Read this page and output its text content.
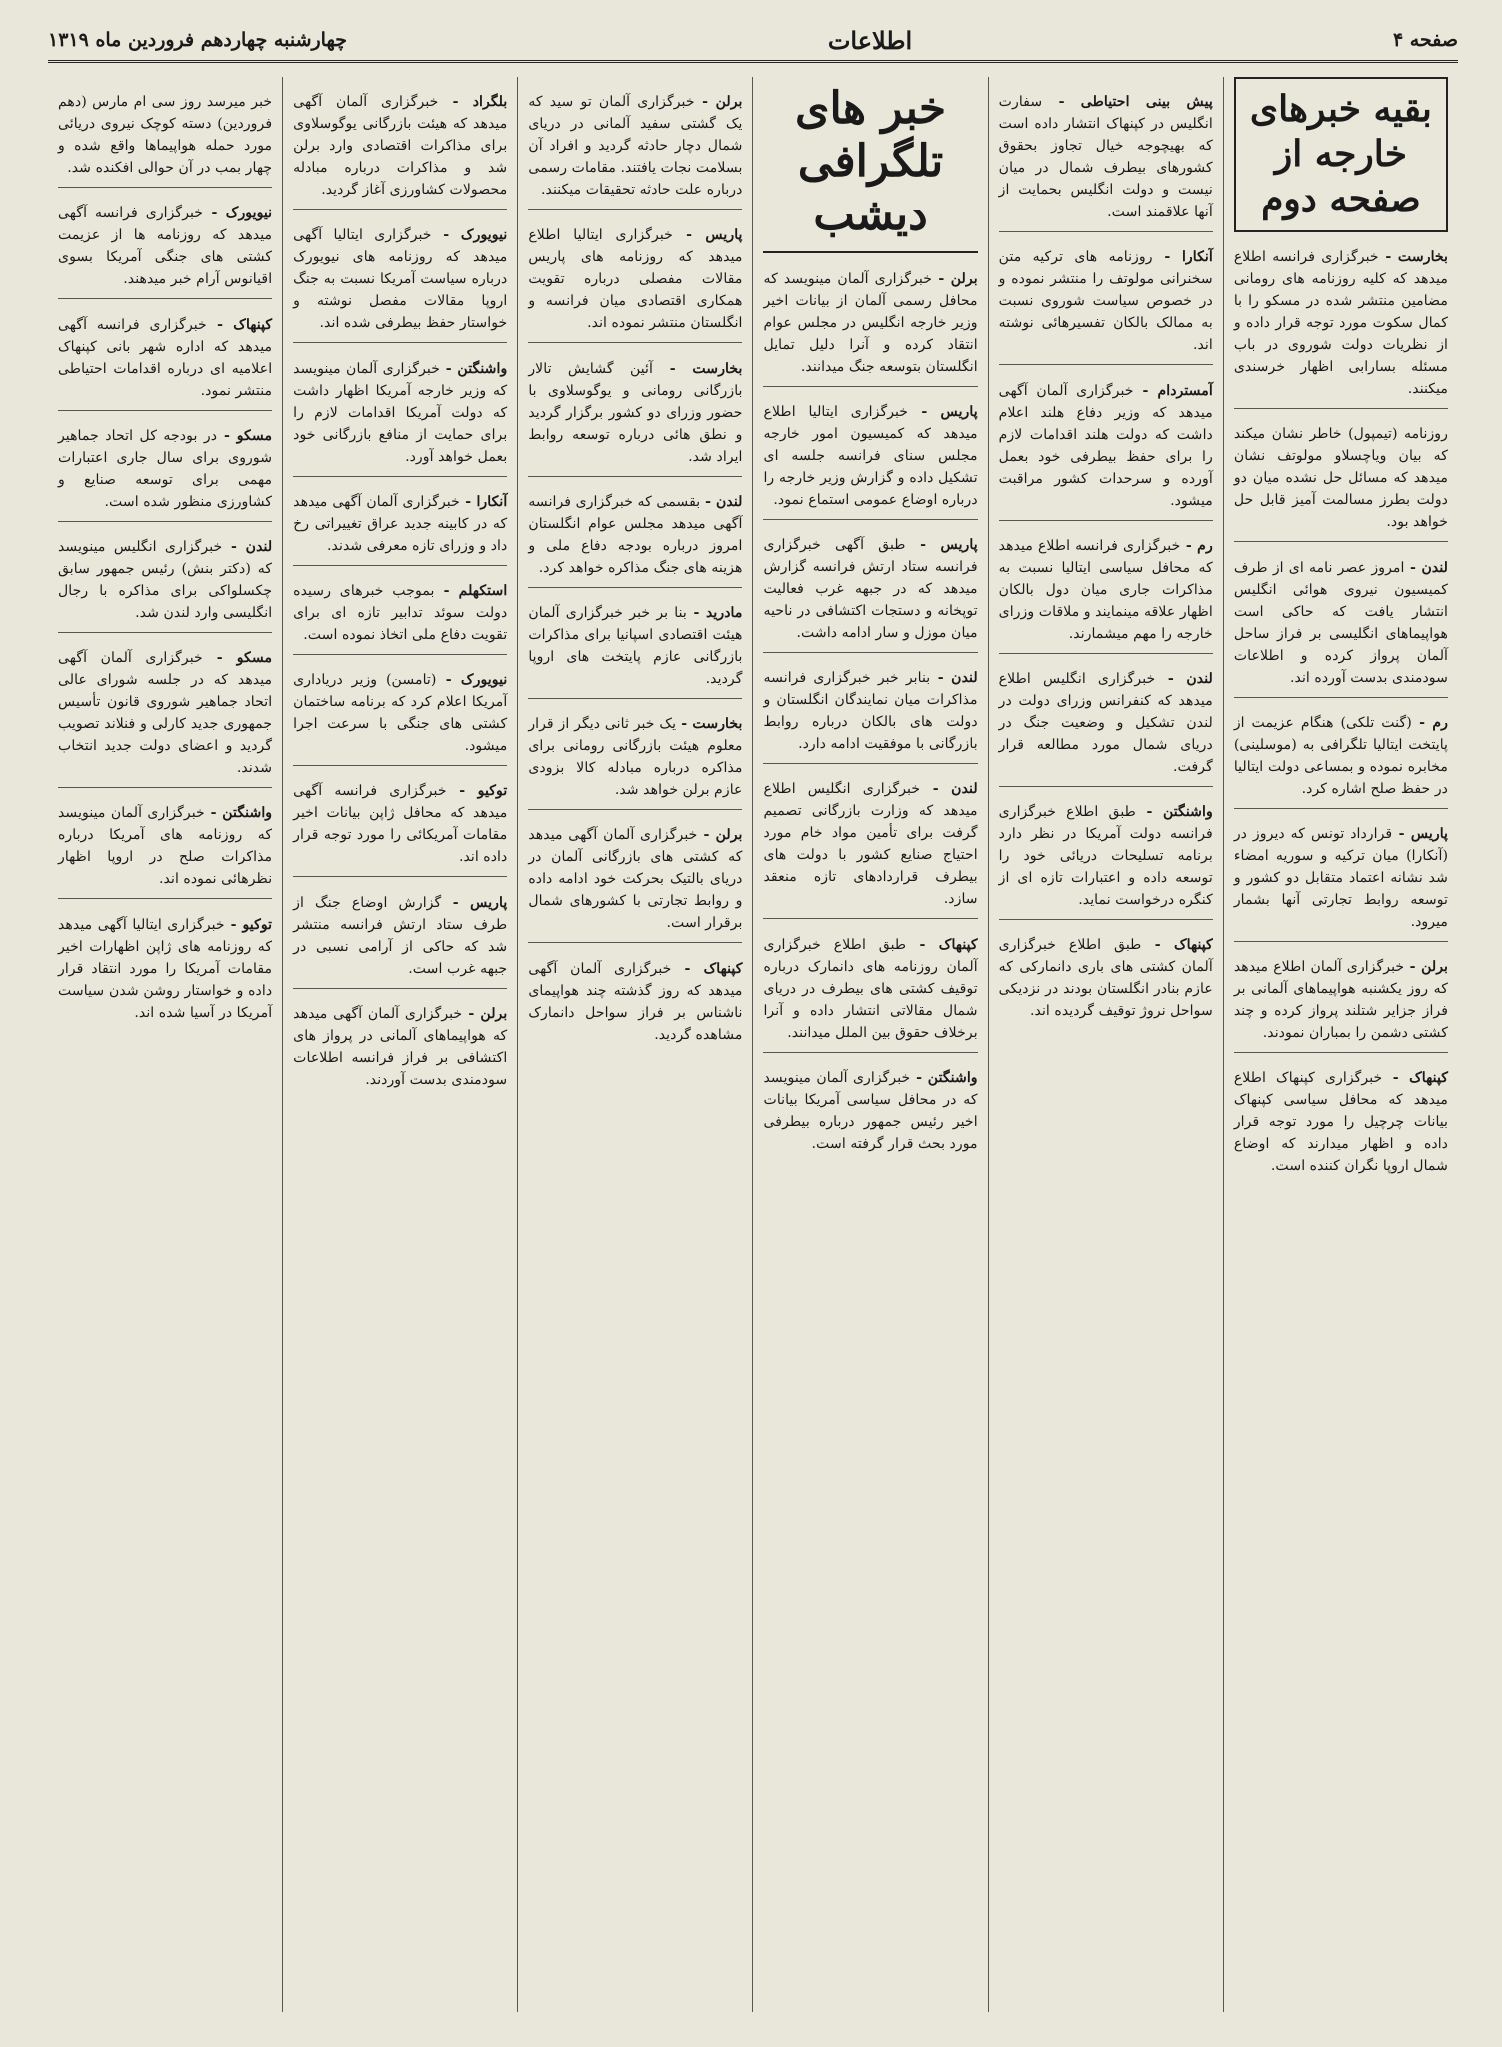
صفحه ۴
اطلاعات
چهارشنبه چهاردهم فروردین ماه ۱۳۱۹
بقیه خبرهای خارجه از صفحه دوم

بخارست - خبرگزاری فرانسه اطلاع میدهد که کلیه روزنامه های رومانی مضامین منتشر شده در مسکو را با کمال سکوت مورد توجه قرار داده و از نظریات دولت شوروی در باب مسئله بسارابی اظهار خرسندی میکنند.

روزنامه (تیمپول) خاطر نشان میکند که بیان ویاچسلاو مولوتف نشان میدهد که مسائل حل نشده میان دو دولت بطرز مسالمت آمیز قابل حل خواهد بود.

لندن - امروز عصر نامه ای از طرف کمیسیون نیروی هوائی انگلیس انتشار یافت که حاکی است هواپیماهای انگلیسی بر فراز ساحل آلمان پرواز کرده و اطلاعات سودمندی بدست آورده اند.

رم - (گنت تلکی) هنگام عزیمت از پایتخت ایتالیا تلگرافی به (موسلینی) مخابره نموده و بمساعی دولت ایتالیا در حفظ صلح اشاره کرد.

پاریس - قرارداد تونس که دیروز در (آنکارا) میان ترکیه و سوریه امضاء شد نشانه اعتماد متقابل دو کشور و توسعه روابط تجارتی آنها بشمار میرود.

برلن - خبرگزاری آلمان اطلاع میدهد که روز یکشنبه هواپیماهای آلمانی بر فراز جزایر شتلند پرواز کرده و چند کشتی دشمن را بمباران نمودند.

کپنهاک - خبرگزاری کپنهاک اطلاع میدهد که محافل سیاسی کپنهاک بیانات چرچیل را مورد توجه قرار داده و اظهار میدارند که اوضاع شمال اروپا نگران کننده است.

پیش بینی احتیاطی - سفارت انگلیس در کپنهاک انتشار داده است که بهیچوجه خیال تجاوز بحقوق کشورهای بیطرف شمال در میان نیست و دولت انگلیس بحمایت از آنها علاقمند است.

آنکارا - روزنامه های ترکیه متن سخنرانی مولوتف را منتشر نموده و در خصوص سیاست شوروی نسبت به ممالک بالکان تفسیرهائی نوشته اند.

آمستردام - خبرگزاری آلمان آگهی میدهد که وزیر دفاع هلند اعلام داشت که دولت هلند اقدامات لازم را برای حفظ بیطرفی خود بعمل آورده و سرحدات کشور مراقبت میشود.

رم - خبرگزاری فرانسه اطلاع میدهد که محافل سیاسی ایتالیا نسبت به مذاکرات جاری میان دول بالکان اظهار علاقه مینمایند و ملاقات وزرای خارجه را مهم میشمارند.

لندن - خبرگزاری انگلیس اطلاع میدهد که کنفرانس وزرای دولت در لندن تشکیل و وضعیت جنگ در دریای شمال مورد مطالعه قرار گرفت.

واشنگتن - طبق اطلاع خبرگزاری فرانسه دولت آمریکا در نظر دارد برنامه تسلیحات دریائی خود را توسعه داده و اعتبارات تازه ای از کنگره درخواست نماید.

کپنهاک - طبق اطلاع خبرگزاری آلمان کشتی های باری دانمارکی که عازم بنادر انگلستان بودند در نزدیکی سواحل نروژ توقیف گردیده اند.

خبر های تلگرافی دیشب

برلن - خبرگزاری آلمان مینویسد که محافل رسمی آلمان از بیانات اخیر وزیر خارجه انگلیس در مجلس عوام انتقاد کرده و آنرا دلیل تمایل انگلستان بتوسعه جنگ میدانند.

پاریس - خبرگزاری ایتالیا اطلاع میدهد که کمیسیون امور خارجه مجلس سنای فرانسه جلسه ای تشکیل داده و گزارش وزیر خارجه را درباره اوضاع عمومی استماع نمود.

پاریس - طبق آگهی خبرگزاری فرانسه ستاد ارتش فرانسه گزارش میدهد که در جبهه غرب فعالیت توپخانه و دستجات اکتشافی در ناحیه میان موزل و سار ادامه داشت.

لندن - بنابر خبر خبرگزاری فرانسه مذاکرات میان نمایندگان انگلستان و دولت های بالکان درباره روابط بازرگانی با موفقیت ادامه دارد.

لندن - خبرگزاری انگلیس اطلاع میدهد که وزارت بازرگانی تصمیم گرفت برای تأمین مواد خام مورد احتیاج صنایع کشور با دولت های بیطرف قراردادهای تازه منعقد سازد.

کپنهاک - طبق اطلاع خبرگزاری آلمان روزنامه های دانمارک درباره توقیف کشتی های بیطرف در دریای شمال مقالاتی انتشار داده و آنرا برخلاف حقوق بین الملل میدانند.

واشنگتن - خبرگزاری آلمان مینویسد که در محافل سیاسی آمریکا بیانات اخیر رئیس جمهور درباره بیطرفی مورد بحث قرار گرفته است.

برلن - خبرگزاری آلمان تو سید که یک گشتی سفید آلمانی در دریای شمال دچار حادثه گردید و افراد آن بسلامت نجات یافتند. مقامات رسمی درباره علت حادثه تحقیقات میکنند.

پاریس - خبرگزاری ایتالیا اطلاع میدهد که روزنامه های پاریس مقالات مفصلی درباره تقویت همکاری اقتصادی میان فرانسه و انگلستان منتشر نموده اند.

بخارست - آئین گشایش تالار بازرگانی رومانی و یوگوسلاوی با حضور وزرای دو کشور برگزار گردید و نطق هائی درباره توسعه روابط ایراد شد.

لندن - بقسمی که خبرگزاری فرانسه آگهی میدهد مجلس عوام انگلستان امروز درباره بودجه دفاع ملی و هزینه های جنگ مذاکره خواهد کرد.

مادرید - بنا بر خبر خبرگزاری آلمان هیئت اقتصادی اسپانیا برای مذاکرات بازرگانی عازم پایتخت های اروپا گردید.

بخارست - یک خبر ثانی دیگر از قرار معلوم هیئت بازرگانی رومانی برای مذاکره درباره مبادله کالا بزودی عازم برلن خواهد شد.

برلن - خبرگزاری آلمان آگهی میدهد که کشتی های بازرگانی آلمان در دریای بالتیک بحرکت خود ادامه داده و روابط تجارتی با کشورهای شمال برقرار است.

کپنهاک - خبرگزاری آلمان آگهی میدهد که روز گذشته چند هواپیمای ناشناس بر فراز سواحل دانمارک مشاهده گردید.

بلگراد - خبرگزاری آلمان آگهی میدهد که هیئت بازرگانی یوگوسلاوی برای مذاکرات اقتصادی وارد برلن شد و مذاکرات درباره مبادله محصولات کشاورزی آغاز گردید.

نیویورک - خبرگزاری ایتالیا آگهی میدهد که روزنامه های نیویورک درباره سیاست آمریکا نسبت به جنگ اروپا مقالات مفصل نوشته و خواستار حفظ بیطرفی شده اند.

واشنگتن - خبرگزاری آلمان مینویسد که وزیر خارجه آمریکا اظهار داشت که دولت آمریکا اقدامات لازم را برای حمایت از منافع بازرگانی خود بعمل خواهد آورد.

آنکارا - خبرگزاری آلمان آگهی میدهد که در کابینه جدید عراق تغییراتی رخ داد و وزرای تازه معرفی شدند.

استکهلم - بموجب خبرهای رسیده دولت سوئد تدابیر تازه ای برای تقویت دفاع ملی اتخاذ نموده است.

نیویورک - (تامسن) وزیر دریاداری آمریکا اعلام کرد که برنامه ساختمان کشتی های جنگی با سرعت اجرا میشود.

توکیو - خبرگزاری فرانسه آگهی میدهد که محافل ژاپن بیانات اخیر مقامات آمریکائی را مورد توجه قرار داده اند.

پاریس - گزارش اوضاع جنگ از طرف ستاد ارتش فرانسه منتشر شد که حاکی از آرامی نسبی در جبهه غرب است.

برلن - خبرگزاری آلمان آگهی میدهد که هواپیماهای آلمانی در پرواز های اکتشافی بر فراز فرانسه اطلاعات سودمندی بدست آوردند.

خبر میرسد روز سی ام مارس (دهم فروردین) دسته کوچک نیروی دریائی مورد حمله هواپیماها واقع شده و چهار بمب در آن حوالی افکنده شد.

نیویورک - خبرگزاری فرانسه آگهی میدهد که روزنامه ها از عزیمت کشتی های جنگی آمریکا بسوی اقیانوس آرام خبر میدهند.

کپنهاک - خبرگزاری فرانسه آگهی میدهد که اداره شهر بانی کپنهاک اعلامیه ای درباره اقدامات احتیاطی منتشر نمود.

مسکو - در بودجه کل اتحاد جماهیر شوروی برای سال جاری اعتبارات مهمی برای توسعه صنایع و کشاورزی منظور شده است.

لندن - خبرگزاری انگلیس مینویسد که (دکتر بنش) رئیس جمهور سابق چکسلواکی برای مذاکره با رجال انگلیسی وارد لندن شد.

مسکو - خبرگزاری آلمان آگهی میدهد که در جلسه شورای عالی اتحاد جماهیر شوروی قانون تأسیس جمهوری جدید کارلی و فنلاند تصویب گردید و اعضای دولت جدید انتخاب شدند.

واشنگتن - خبرگزاری آلمان مینویسد که روزنامه های آمریکا درباره مذاکرات صلح در اروپا اظهار نظرهائی نموده اند.

توکیو - خبرگزاری ایتالیا آگهی میدهد که روزنامه های ژاپن اظهارات اخیر مقامات آمریکا را مورد انتقاد قرار داده و خواستار روشن شدن سیاست آمریکا در آسیا شده اند.
